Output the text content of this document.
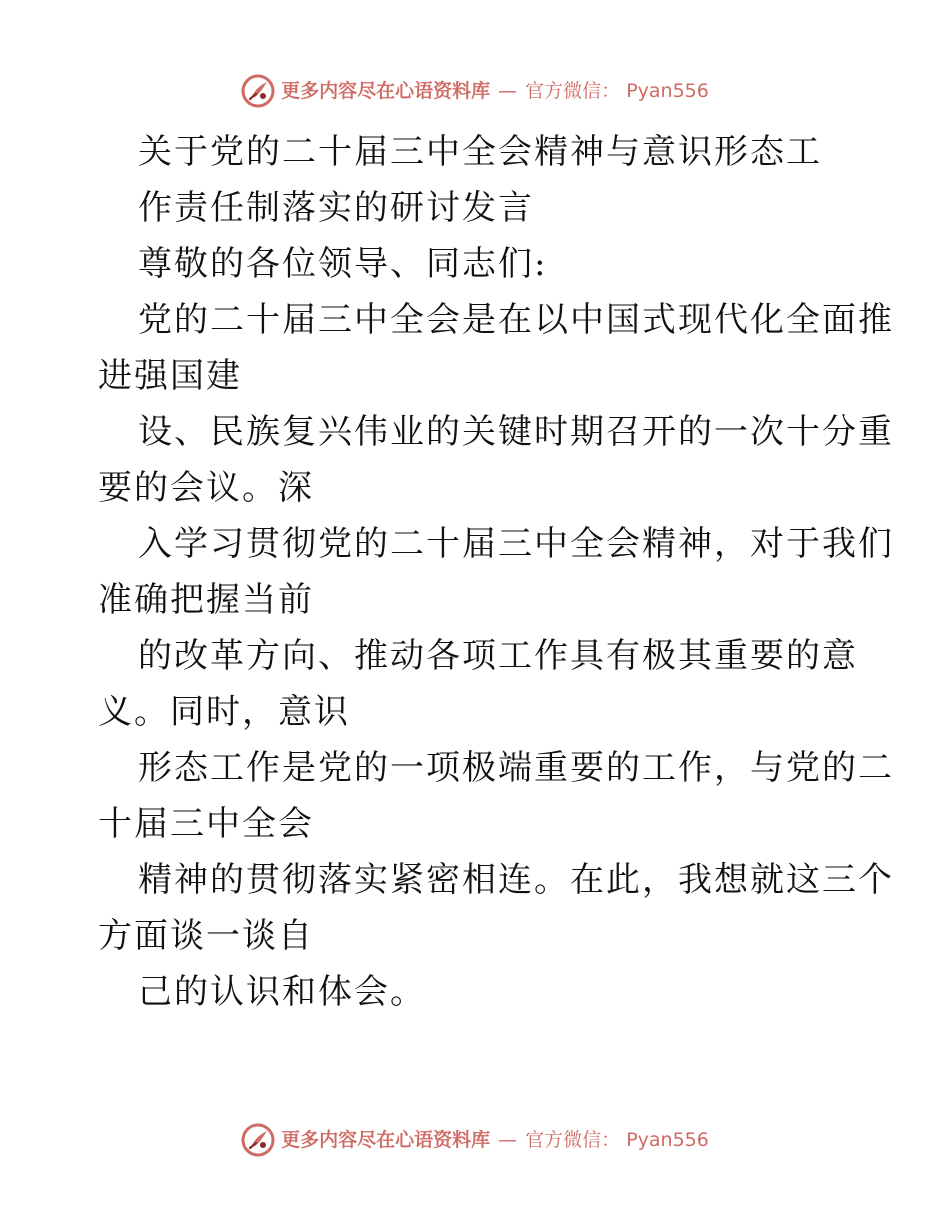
更多内容尽在心语资料库 — 官方微信： Pyan556
关于党的二十届三中全会精神与意识形态工
作责任制落实的研讨发言
尊敬的各位领导、同志们:
党的二十届三中全会是在以中国式现代化全面推
进强国建
设、民族复兴伟业的关键时期召开的一次十分重
要的会议。深
入学习贯彻党的二十届三中全会精神，对于我们
准确把握当前
的改革方向、推动各项工作具有极其重要的意
义。同时，意识
形态工作是党的一项极端重要的工作，与党的二
十届三中全会
精神的贯彻落实紧密相连。在此，我想就这三个
方面谈一谈自
己的认识和体会。
更多内容尽在心语资料库 — 官方微信： Pyan556
